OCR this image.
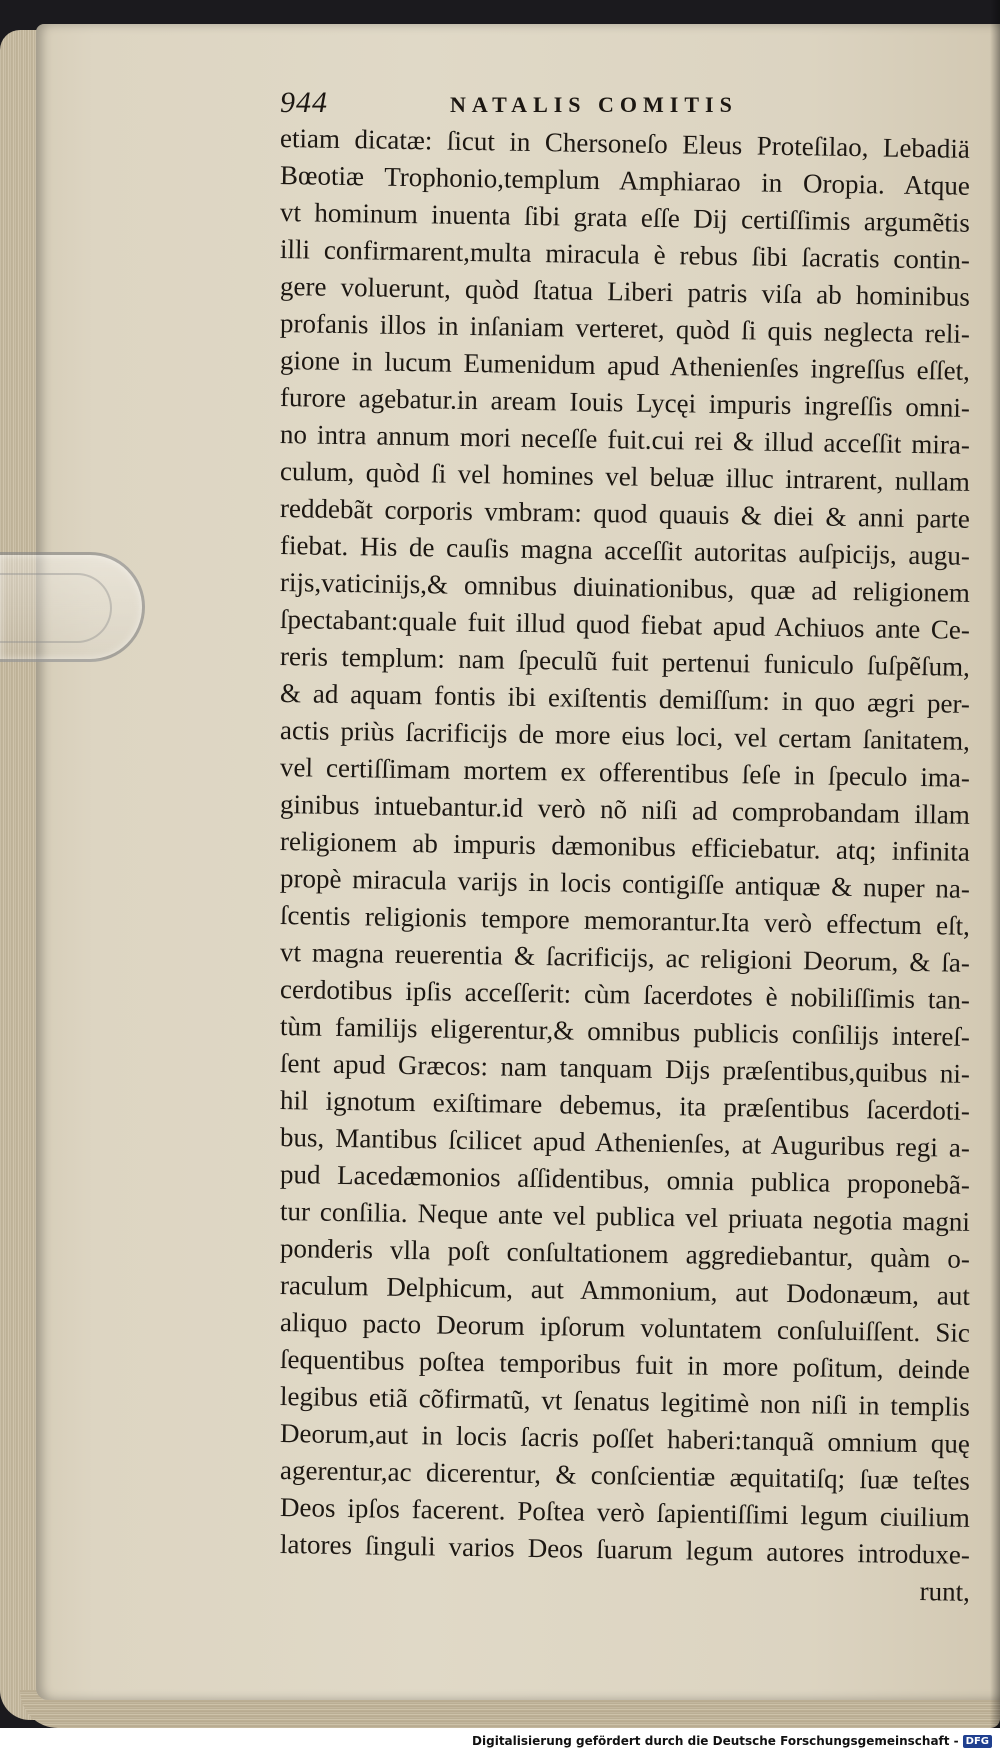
944	NATALIS COMITIS
etiam dicatæ: ſicut in Chersoneſo Eleus Proteſilao, Lebadiä
Bœotiæ Trophonio,templum Amphiarao in Oropia. Atque
vt hominum inuenta ſibi grata eſſe Dij certiſſimis argumẽtis
illi confirmarent,multa miracula è rebus ſibi ſacratis contin-
gere voluerunt, quòd ſtatua Liberi patris viſa ab hominibus
profanis illos in inſaniam verteret, quòd ſi quis neglecta reli-
gione in lucum Eumenidum apud Athenienſes ingreſſus eſſet,
furore agebatur.in aream Iouis Lycęi impuris ingreſſis omni-
no intra annum mori neceſſe fuit.cui rei & illud acceſſit mira-
culum, quòd ſi vel homines vel beluæ illuc intrarent, nullam
reddebãt corporis vmbram: quod quauis & diei & anni parte
fiebat. His de cauſis magna acceſſit autoritas auſpicijs, augu-
rijs,vaticinijs,& omnibus diuinationibus, quæ ad religionem
ſpectabant:quale fuit illud quod fiebat apud Achiuos ante Ce-
reris templum: nam ſpeculũ fuit pertenui funiculo ſuſpẽſum,
& ad aquam fontis ibi exiſtentis demiſſum: in quo ægri per-
actis priùs ſacrificijs de more eius loci, vel certam ſanitatem,
vel certiſſimam mortem ex offerentibus ſeſe in ſpeculo ima-
ginibus intuebantur.id verò nõ niſi ad comprobandam illam
religionem ab impuris dæmonibus efficiebatur. atq; infinita
propè miracula varijs in locis contigiſſe antiquæ & nuper na-
ſcentis religionis tempore memorantur.Ita verò effectum eſt,
vt magna reuerentia & ſacrificijs, ac religioni Deorum, & ſa-
cerdotibus ipſis acceſſerit: cùm ſacerdotes è nobiliſſimis tan-
tùm familijs eligerentur,& omnibus publicis conſilijs intereſ-
ſent apud Græcos: nam tanquam Dijs præſentibus,quibus ni-
hil ignotum exiſtimare debemus, ita præſentibus ſacerdoti-
bus, Mantibus ſcilicet apud Athenienſes, at Auguribus regi a-
pud Lacedæmonios aſſidentibus, omnia publica proponebã-
tur conſilia. Neque ante vel publica vel priuata negotia magni
ponderis vlla poſt conſultationem aggrediebantur, quàm o-
raculum Delphicum, aut Ammonium, aut Dodonæum, aut
aliquo pacto Deorum ipſorum voluntatem conſuluiſſent. Sic
ſequentibus poſtea temporibus fuit in more poſitum, deinde
legibus etiã cõfirmatũ, vt ſenatus legitimè non niſi in templis
Deorum,aut in locis ſacris poſſet haberi:tanquã omnium quę
agerentur,ac dicerentur, & conſcientiæ æquitatiſq; ſuæ teſtes
Deos ipſos facerent. Poſtea verò ſapientiſſimi legum ciuilium
latores ſinguli varios Deos ſuarum legum autores introduxe-
runt,
Digitalisierung gefördert durch die Deutsche Forschungsgemeinschaft - DFG
